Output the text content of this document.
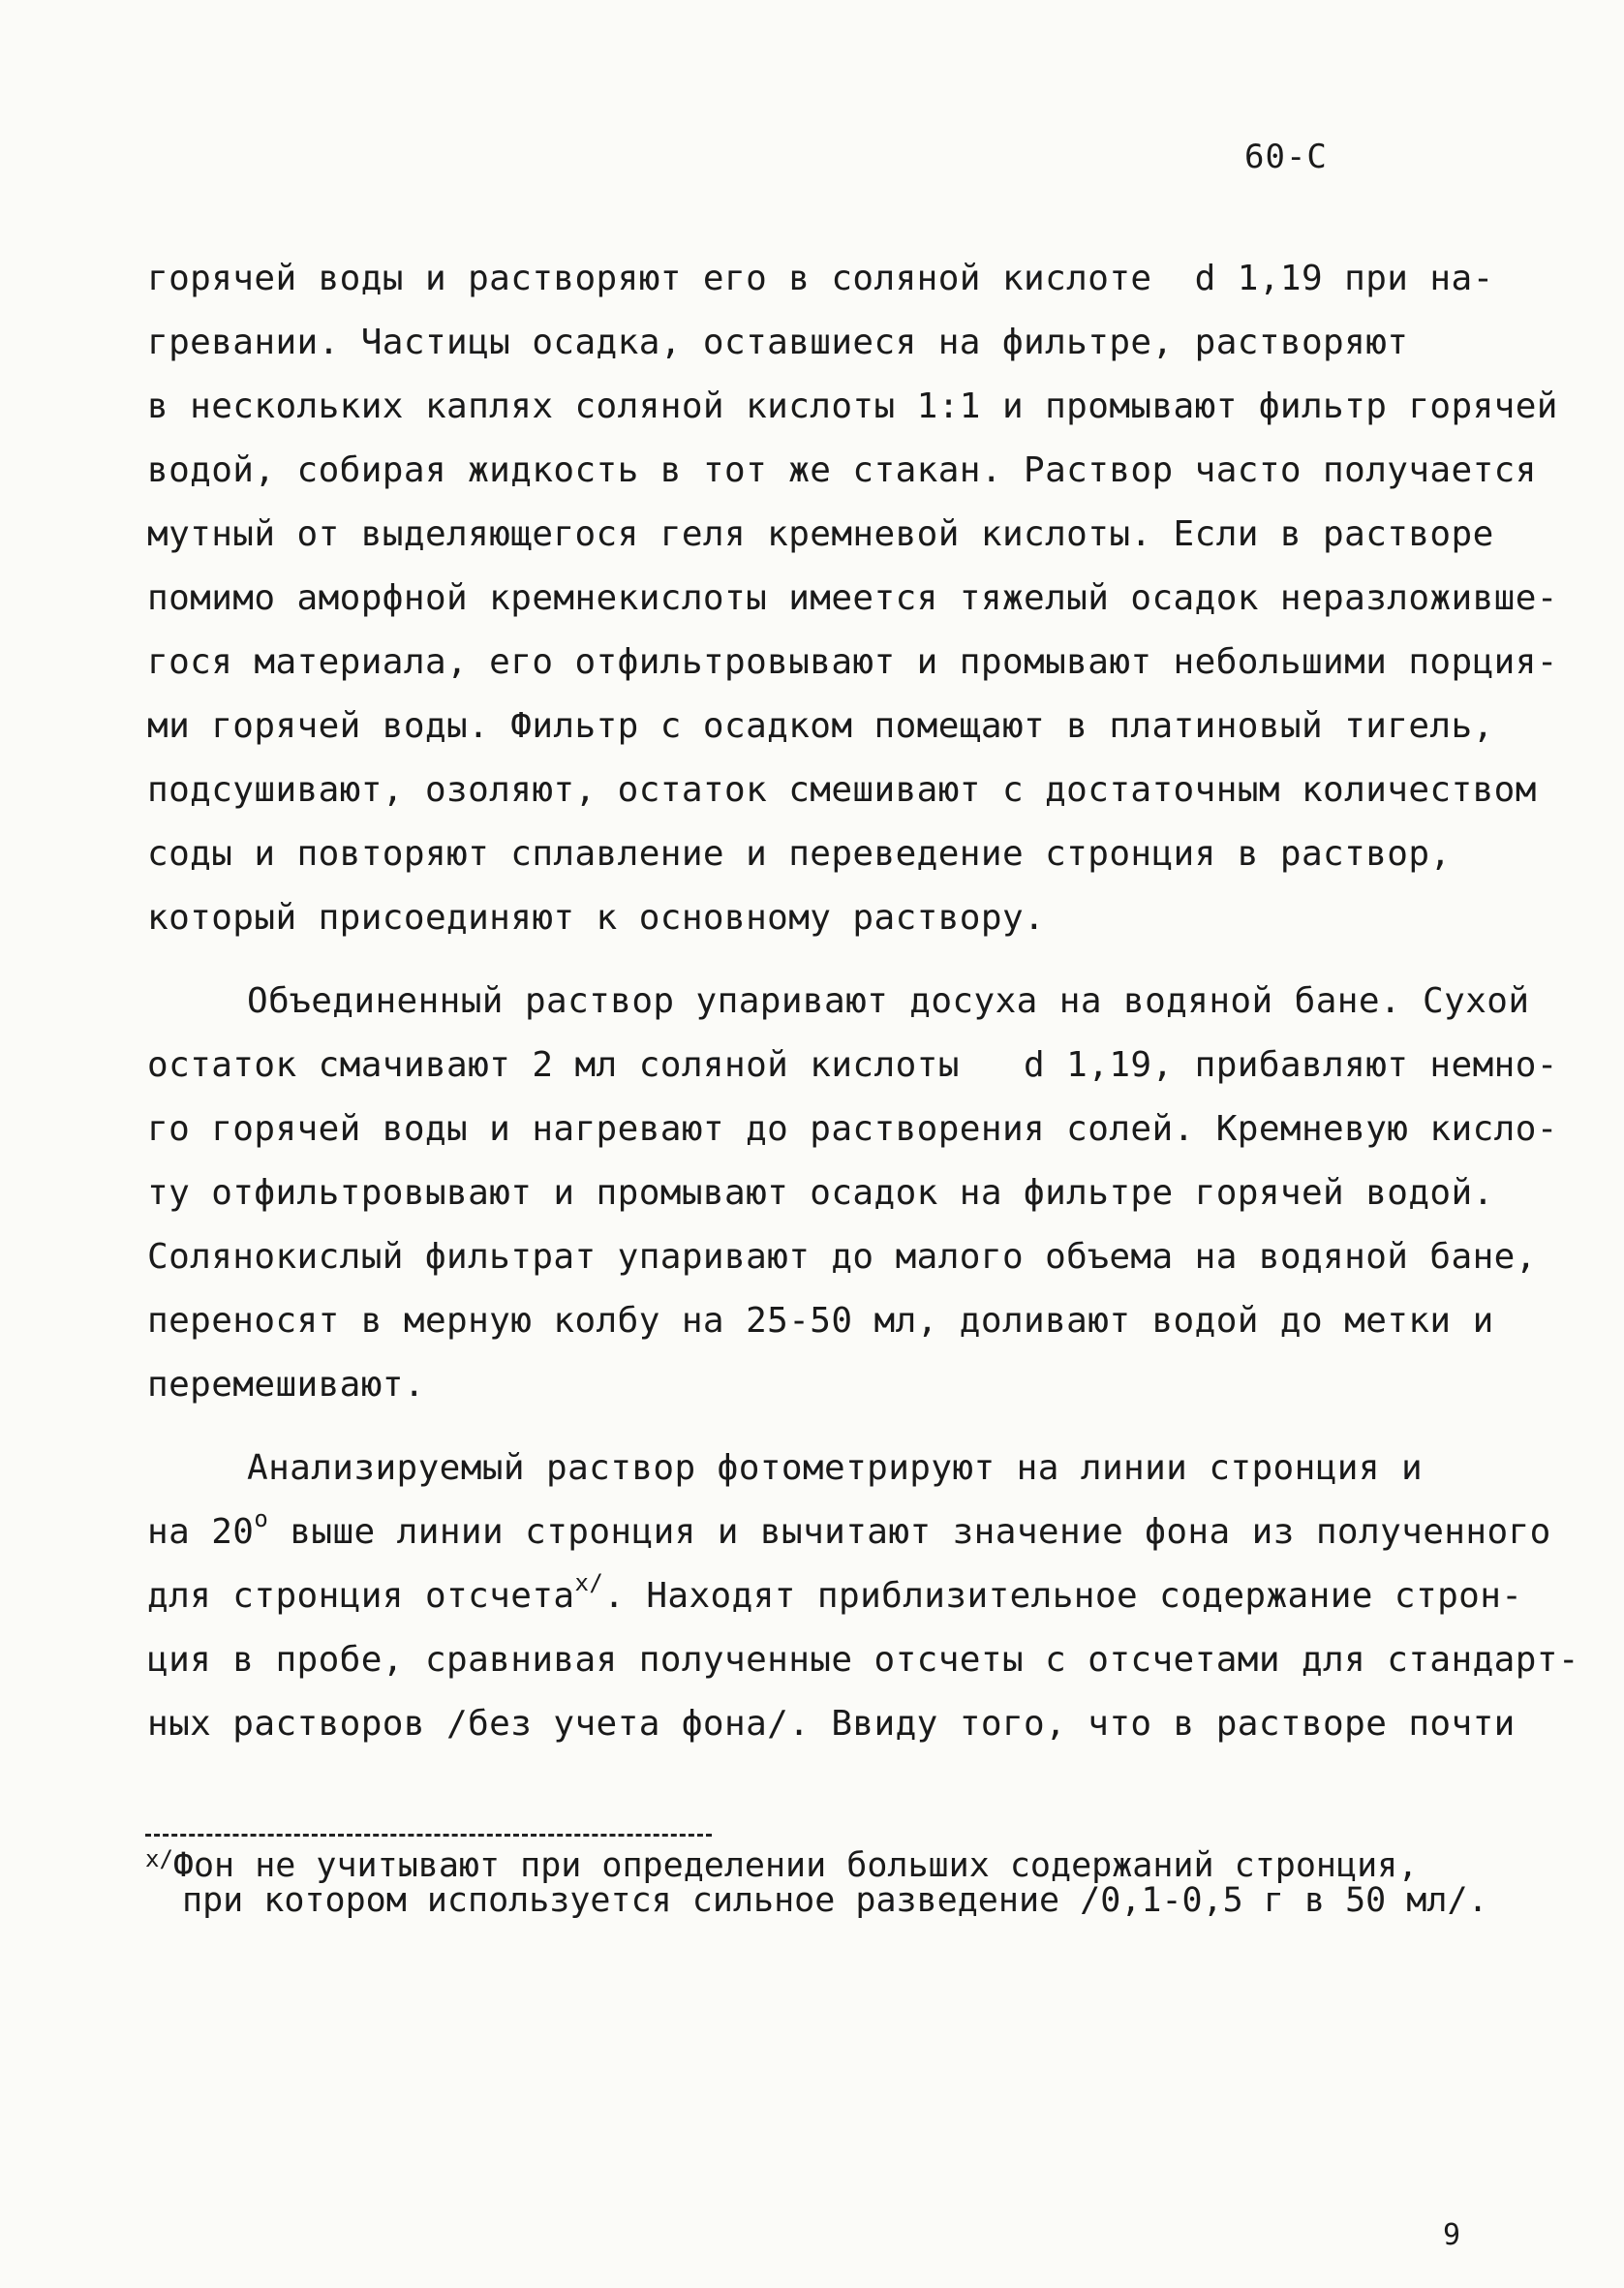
60-С
горячей воды и растворяют его в соляной кислоте  d 1,19 при на-
гревании. Частицы осадка, оставшиеся на фильтре, растворяют
в нескольких каплях соляной кислоты 1:1 и промывают фильтр горячей
водой, собирая жидкость в тот же стакан. Раствор часто получается
мутный от выделяющегося геля кремневой кислоты. Если в растворе
помимо аморфной кремнекислоты имеется тяжелый осадок неразложивше-
гося материала, его отфильтровывают и промывают небольшими порция-
ми горячей воды. Фильтр с осадком помещают в платиновый тигель,
подсушивают, озоляют, остаток смешивают с достаточным количеством
соды и повторяют сплавление и переведение стронция в раствор,
который присоединяют к основному раствору.
Объединенный раствор упаривают досуха на водяной бане. Сухой
остаток смачивают 2 мл соляной кислоты   d 1,19, прибавляют немно-
го горячей воды и нагревают до растворения солей. Кремневую кисло-
ту отфильтровывают и промывают осадок на фильтре горячей водой.
Солянокислый фильтрат упаривают до малого объема на водяной бане,
переносят в мерную колбу на 25-50 мл, доливают водой до метки и
перемешивают.
Анализируемый раствор фотометрируют на линии стронция и
на $20^о$ выше линии стронция и вычитают значение фона из полученного
для стронция отсчета$^{х/}$. Находят приблизительное содержание строн-
ция в пробе, сравнивая полученные отсчеты с отсчетами для стандарт-
ных растворов /без учета фона/. Ввиду того, что в растворе почти
$^{х/}$Фон не учитывают при определении больших содержаний стронция,
при котором используется сильное разведение /0,1-0,5 г в 50 мл/.
9
